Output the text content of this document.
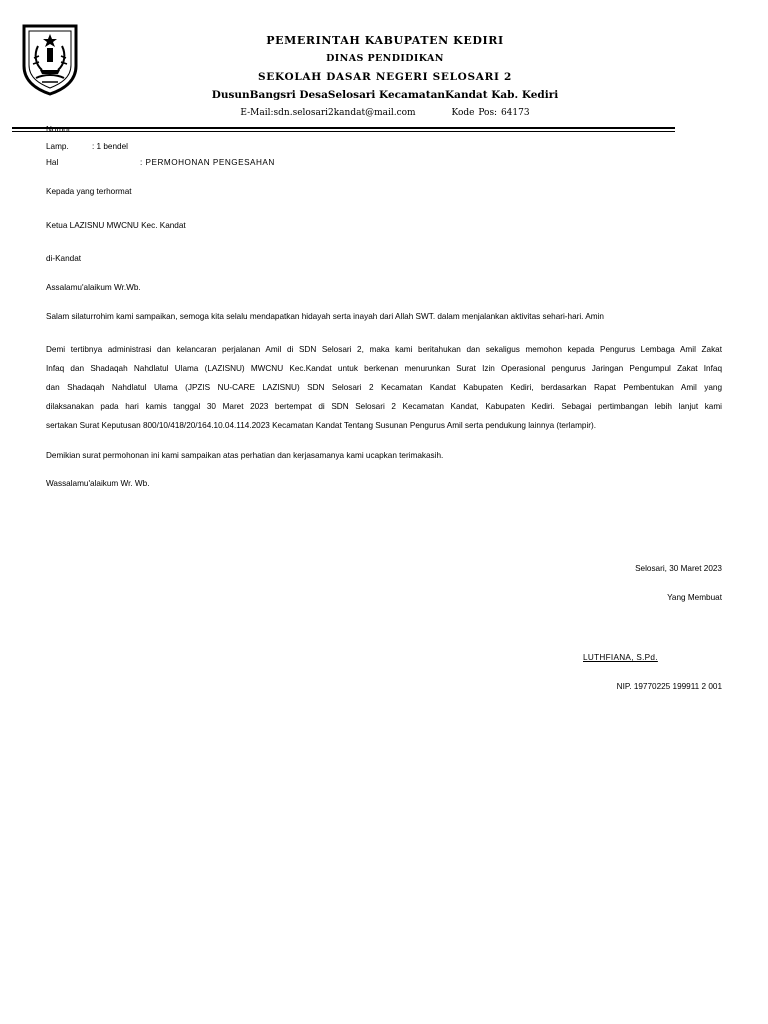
PEMERINTAH KABUPATEN KEDIRI
DINAS PENDIDIKAN
SEKOLAH DASAR NEGERI SELOSARI 2
DusunBangsri DesaSelosari KecamatanKandat Kab. Kediri
E-Mail:sdn.selosari2kandat@mail.com	Kode Pos: 64173
Nomor	:
Lamp.	: 1 bendel
Hal	: PERMOHONAN PENGESAHAN
Kepada yang terhormat
Ketua LAZISNU MWCNU Kec. Kandat
di-Kandat
Assalamu'alaikum Wr.Wb.
Salam silaturrohim kami sampaikan, semoga kita selalu mendapatkan hidayah serta inayah dari Allah SWT. dalam menjalankan aktivitas sehari-hari. Amin
Demi tertibnya administrasi dan kelancaran perjalanan Amil di SDN Selosari 2, maka kami beritahukan dan sekaligus memohon kepada Pengurus Lembaga Amil Zakat
Infaq dan Shadaqah Nahdlatul Ulama (LAZISNU) MWCNU Kec.Kandat untuk berkenan menurunkan Surat Izin Operasional pengurus Jaringan Pengumpul Zakat Infaq
dan Shadaqah Nahdlatul Ulama (JPZIS NU-CARE LAZISNU) SDN Selosari 2 Kecamatan Kandat Kabupaten Kediri, berdasarkan Rapat Pembentukan Amil yang
dilaksanakan pada hari kamis tanggal 30 Maret 2023 bertempat di SDN Selosari 2 Kecamatan Kandat, Kabupaten Kediri. Sebagai pertimbangan lebih lanjut kami
sertakan Surat Keputusan 800/10/418/20/164.10.04.114.2023 Kecamatan Kandat Tentang Susunan Pengurus Amil serta pendukung lainnya (terlampir).
Demikian surat permohonan ini kami sampaikan atas perhatian dan kerjasamanya kami ucapkan terimakasih.
Wassalamu'alaikum Wr. Wb.
Selosari, 30 Maret 2023
Yang Membuat
LUTHFIANA, S.Pd.
NIP. 19770225 199911 2 001
